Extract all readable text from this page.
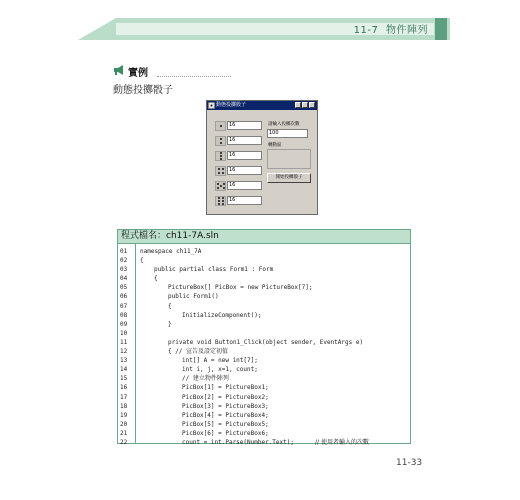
11-7 物件陣列
實例
動態投擲骰子
動態投擲骰子
16
16
16
16
16
16
請輸入投擲次數
100
轉動區
開始投擲骰子
程式檔名：ch11-7A.sln
01 namespace ch11_7A
02 {
03	public partial class Form1 : Form
04	{
05	PictureBox[] PicBox = new PictureBox[7];
06	public Form1()
07	{
08	InitializeComponent();
09	}
10
11	private void Button1_Click(object sender, EventArgs e)
12	{ // 宣告及設定初值
13	int[] A = new int[7];
14	int i, j, x=1, count;
15	// 建立物件陣列
16	PicBox[1] = PictureBox1;
17	PicBox[2] = PictureBox2;
18	PicBox[3] = PictureBox3;
19	PicBox[4] = PictureBox4;
20	PicBox[5] = PictureBox5;
21	PicBox[6] = PictureBox6;
22	count = int.Parse(Number.Text);	// 使用者輸入的次數
11-33
